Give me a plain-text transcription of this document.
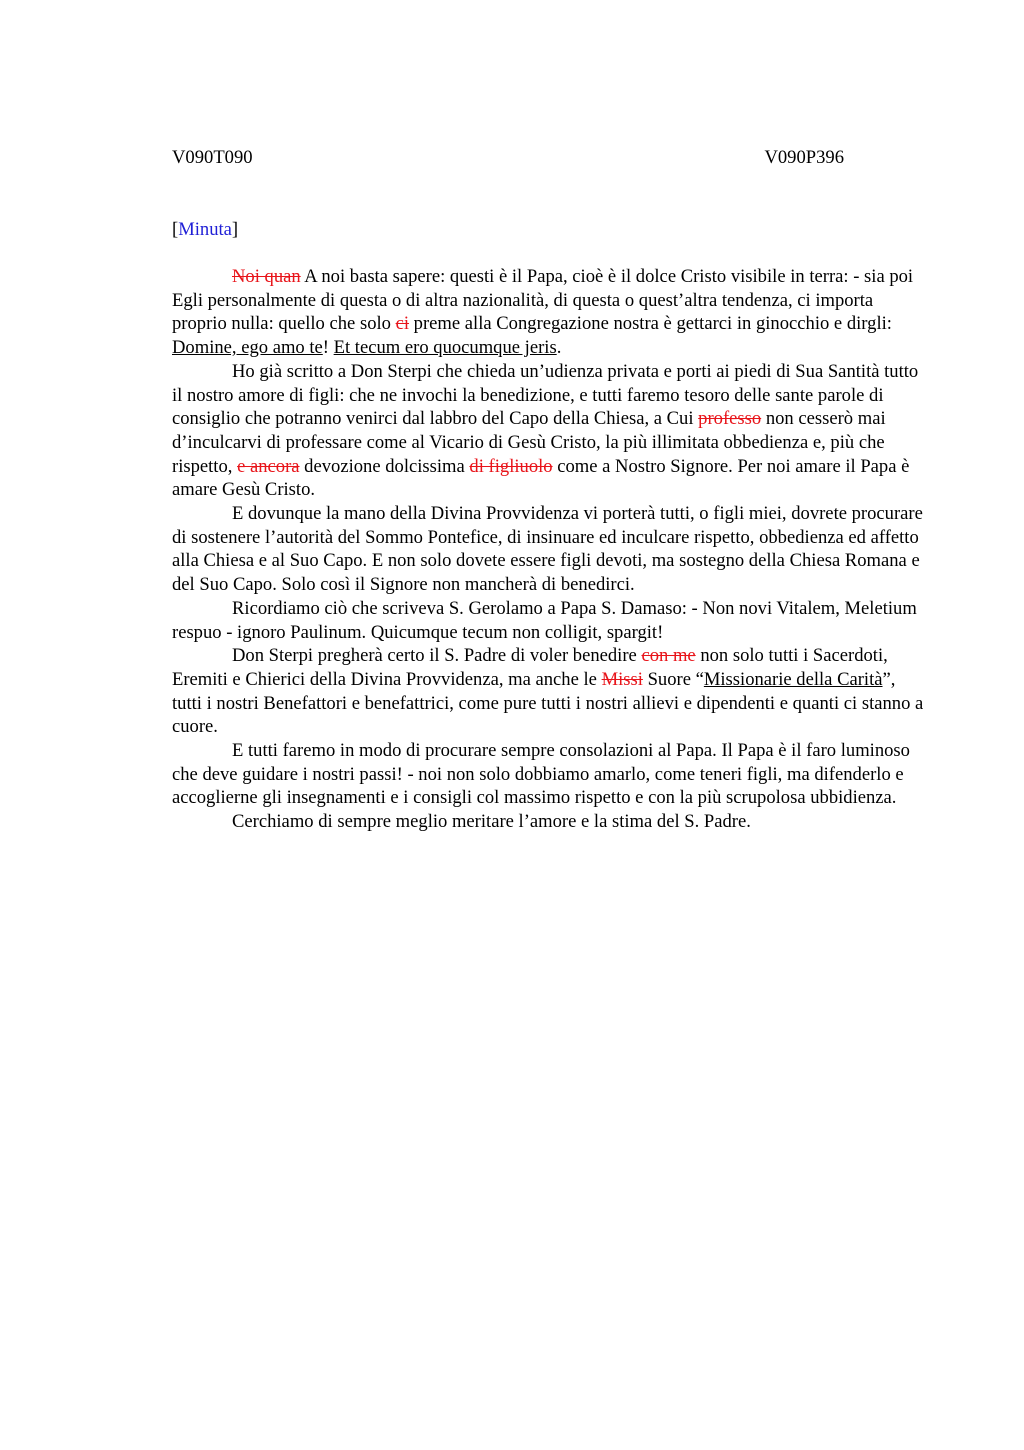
V090T090	V090P396
[Minuta]

Noi quan A noi basta sapere: questi è il Papa, cioè è il dolce Cristo visibile in terra: - sia poi Egli personalmente di questa o di altra nazionalità, di questa o quest’altra tendenza, ci importa proprio nulla: quello che solo ci preme alla Congregazione nostra è gettarci in ginocchio e dirgli: Domine, ego amo te! Et tecum ero quocumque jeris.

Ho già scritto a Don Sterpi che chieda un’udienza privata e porti ai piedi di Sua Santità tutto il nostro amore di figli: che ne invochi la benedizione, e tutti faremo tesoro delle sante parole di consiglio che potranno venirci dal labbro del Capo della Chiesa, a Cui professo non cesserò mai d’inculcarvi di professare come al Vicario di Gesù Cristo, la più illimitata obbedienza e, più che rispetto, e ancora devozione dolcissima di figliuolo come a Nostro Signore. Per noi amare il Papa è amare Gesù Cristo.

E dovunque la mano della Divina Provvidenza vi porterà tutti, o figli miei, dovrete procurare di sostenere l’autorità del Sommo Pontefice, di insinuare ed inculcare rispetto, obbedienza ed affetto alla Chiesa e al Suo Capo. E non solo dovete essere figli devoti, ma sostegno della Chiesa Romana e del Suo Capo. Solo così il Signore non mancherà di benedirci.

Ricordiamo ciò che scriveva S. Gerolamo a Papa S. Damaso: - Non novi Vitalem, Meletium respuo - ignoro Paulinum. Quicumque tecum non colligit, spargit!

Don Sterpi pregherà certo il S. Padre di voler benedire con me non solo tutti i Sacerdoti, Eremiti e Chierici della Divina Provvidenza, ma anche le Missi Suore “Missionarie della Carità”, tutti i nostri Benefattori e benefattrici, come pure tutti i nostri allievi e dipendenti e quanti ci stanno a cuore.

E tutti faremo in modo di procurare sempre consolazioni al Papa. Il Papa è il faro luminoso che deve guidare i nostri passi! - noi non solo dobbiamo amarlo, come teneri figli, ma difenderlo e accoglierne gli insegnamenti e i consigli col massimo rispetto e con la più scrupolosa ubbidienza.

Cerchiamo di sempre meglio meritare l’amore e la stima del S. Padre.
